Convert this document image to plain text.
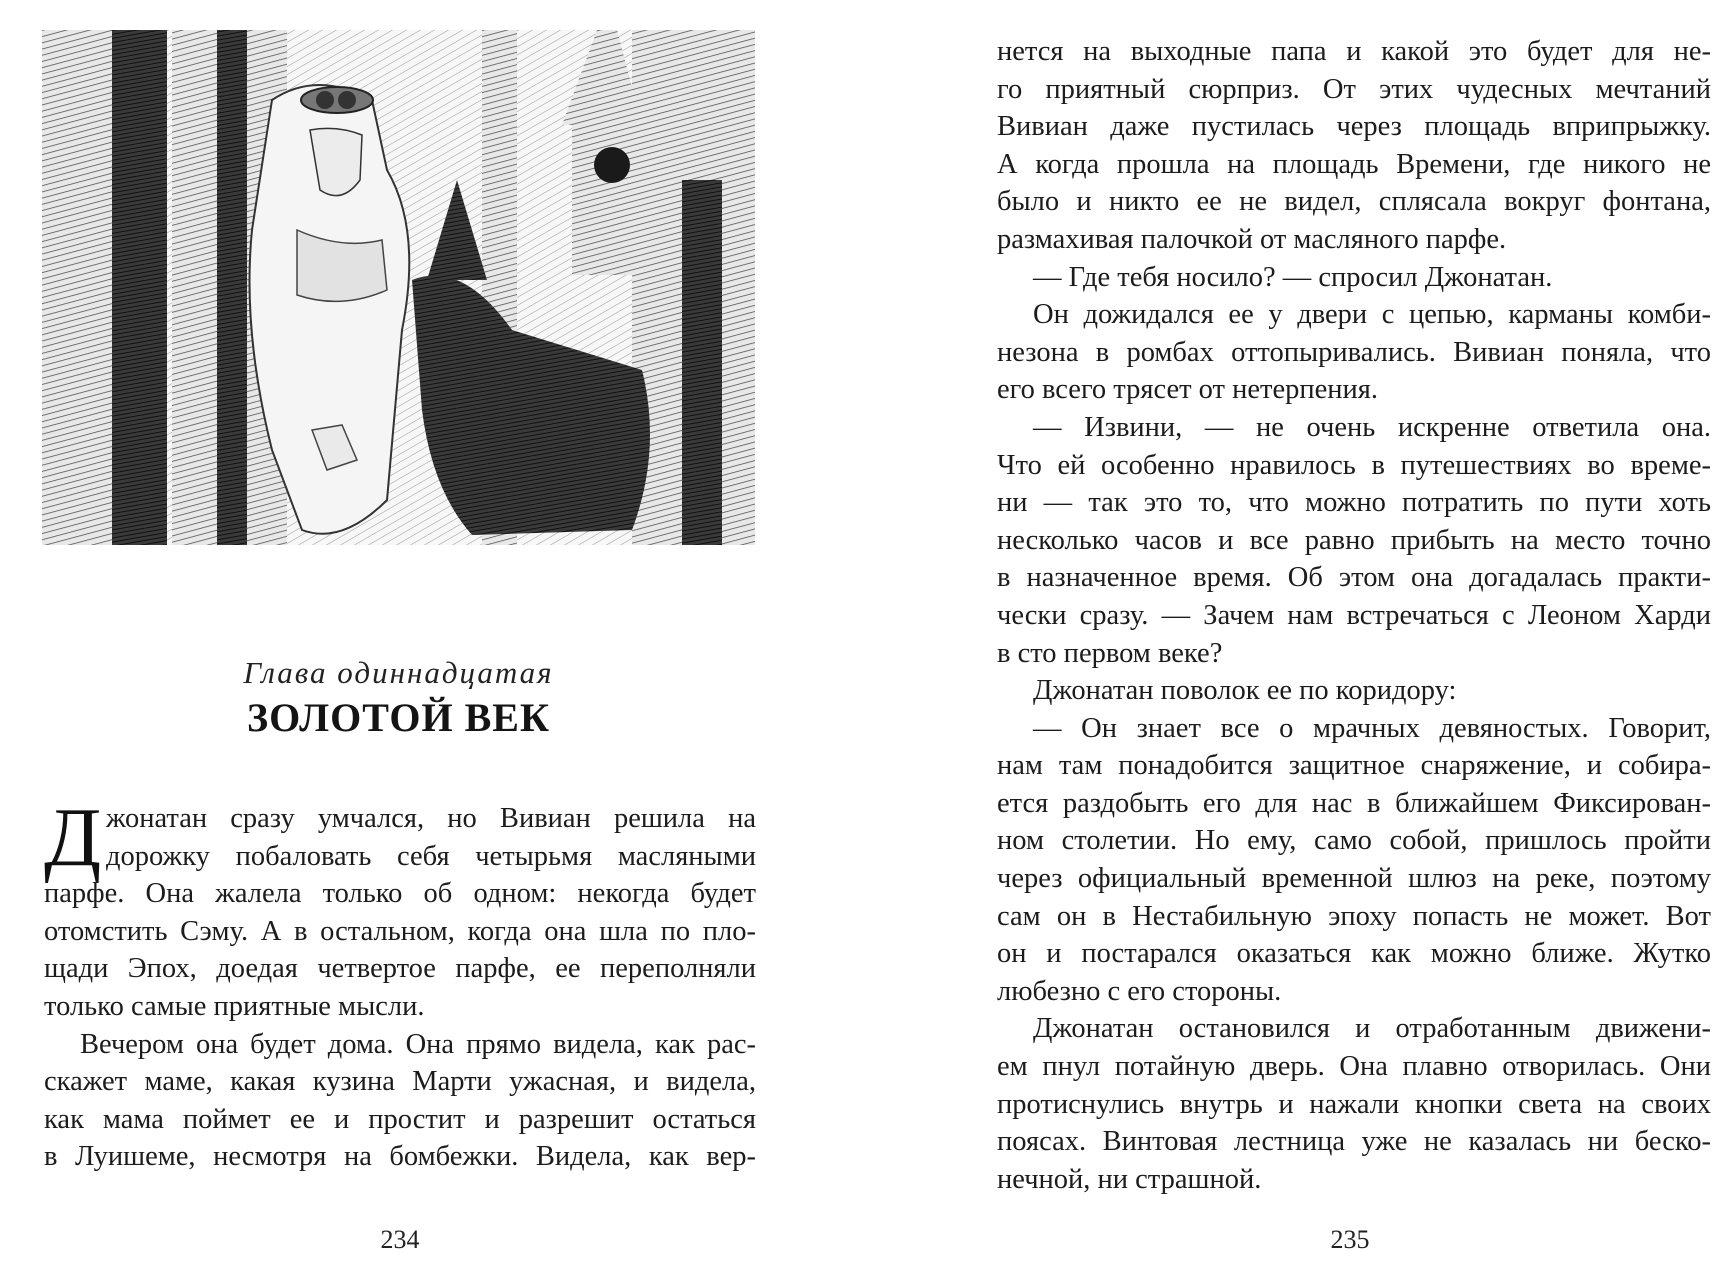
Глава одиннадцатая
ЗОЛОТОЙ ВЕК
Д жонатан сразу умчался, но Вивиан решила на
дорожку побаловать себя четырьмя масляными
парфе. Она жалела только об одном: некогда будет
отомстить Сэму. А в остальном, когда она шла по пло-
щади Эпох, доедая четвертое парфе, ее переполняли
только самые приятные мысли.
Вечером она будет дома. Она прямо видела, как рас-
скажет маме, какая кузина Марти ужасная, и видела,
как мама поймет ее и простит и разрешит остаться
в Луишеме, несмотря на бомбежки. Видела, как вер-
234
нется на выходные папа и какой это будет для не-
го приятный сюрприз. От этих чудесных мечтаний
Вивиан даже пустилась через площадь вприпрыжку.
А когда прошла на площадь Времени, где никого не
было и никто ее не видел, сплясала вокруг фонтана,
размахивая палочкой от масляного парфе.
— Где тебя носило? — спросил Джонатан.
Он дожидался ее у двери с цепью, карманы комби-
незона в ромбах оттопыривались. Вивиан поняла, что
его всего трясет от нетерпения.
— Извини, — не очень искренне ответила она.
Что ей особенно нравилось в путешествиях во време-
ни — так это то, что можно потратить по пути хоть
несколько часов и все равно прибыть на место точно
в назначенное время. Об этом она догадалась практи-
чески сразу. — Зачем нам встречаться с Леоном Харди
в сто первом веке?
Джонатан поволок ее по коридору:
— Он знает все о мрачных девяностых. Говорит,
нам там понадобится защитное снаряжение, и собира-
ется раздобыть его для нас в ближайшем Фиксирован-
ном столетии. Но ему, само собой, пришлось пройти
через официальный временной шлюз на реке, поэтому
сам он в Нестабильную эпоху попасть не может. Вот
он и постарался оказаться как можно ближе. Жутко
любезно с его стороны.
Джонатан остановился и отработанным движени-
ем пнул потайную дверь. Она плавно отворилась. Они
протиснулись внутрь и нажали кнопки света на своих
поясах. Винтовая лестница уже не казалась ни беско-
нечной, ни страшной.
235
